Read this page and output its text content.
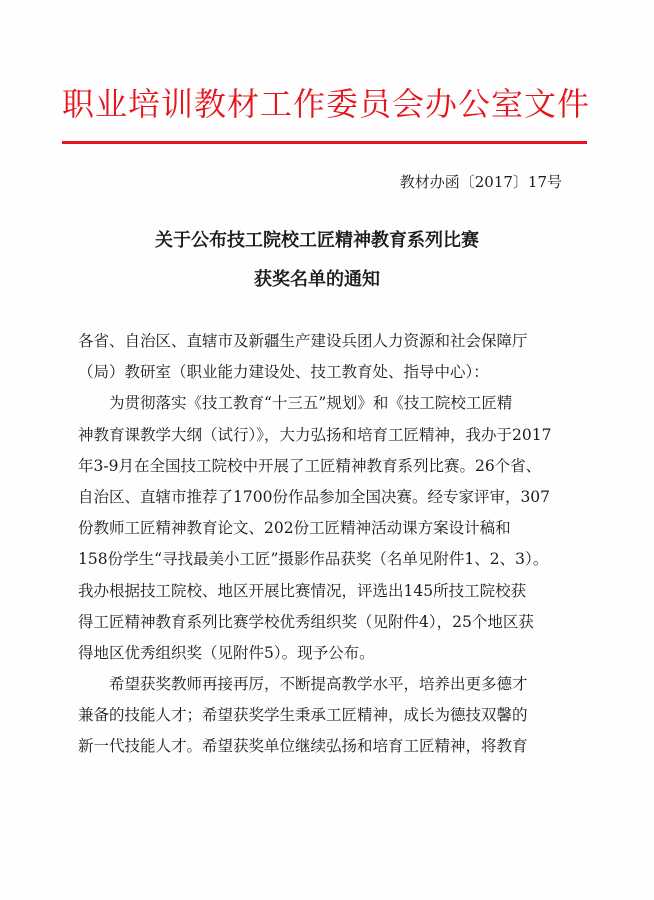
职业培训教材工作委员会办公室文件
教材办函〔2017〕17号
关于公布技工院校工匠精神教育系列比赛
获奖名单的通知
各省、自治区、直辖市及新疆生产建设兵团人力资源和社会保障厅
（局）教研室（职业能力建设处、技工教育处、指导中心）：
为贯彻落实《技工教育“十三五”规划》和《技工院校工匠精
神教育课教学大纲（试行）》，大力弘扬和培育工匠精神，我办于2017
年3-9月在全国技工院校中开展了工匠精神教育系列比赛。26个省、
自治区、直辖市推荐了1700份作品参加全国决赛。经专家评审，307
份教师工匠精神教育论文、202份工匠精神活动课方案设计稿和
158份学生“寻找最美小工匠”摄影作品获奖（名单见附件1、2、3）。
我办根据技工院校、地区开展比赛情况，评选出145所技工院校获
得工匠精神教育系列比赛学校优秀组织奖（见附件4），25个地区获
得地区优秀组织奖（见附件5）。现予公布。
希望获奖教师再接再厉，不断提高教学水平，培养出更多德才
兼备的技能人才；希望获奖学生秉承工匠精神，成长为德技双馨的
新一代技能人才。希望获奖单位继续弘扬和培育工匠精神，将教育
